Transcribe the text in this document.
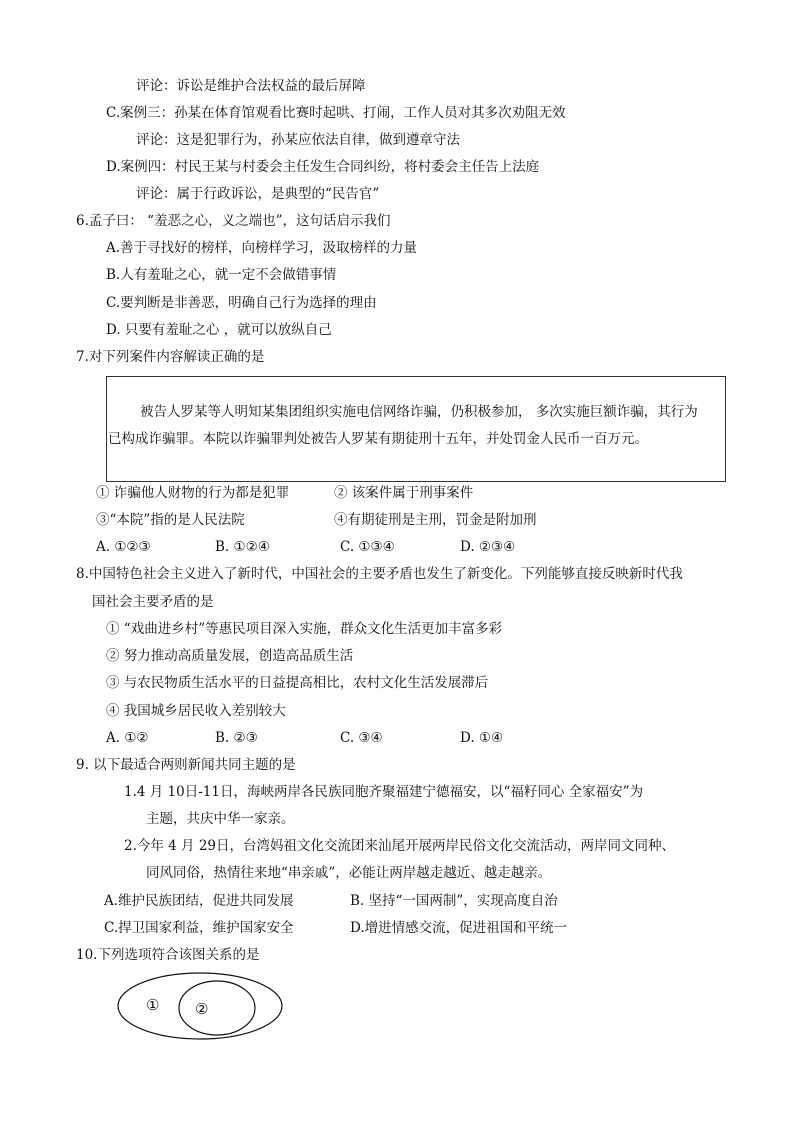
评论：诉讼是维护合法权益的最后屏障
C.案例三：孙某在体育馆观看比赛时起哄、打闹，工作人员对其多次劝阻无效
评论：这是犯罪行为，孙某应依法自律，做到遵章守法
D.案例四：村民王某与村委会主任发生合同纠纷，将村委会主任告上法庭
评论：属于行政诉讼，是典型的“民告官”
6.孟子曰： “羞恶之心，义之端也”，这句话启示我们
A.善于寻找好的榜样，向榜样学习，汲取榜样的力量
B.人有羞耻之心，就一定不会做错事情
C.要判断是非善恶，明确自己行为选择的理由
D. 只要有羞耻之心 ，就可以放纵自己
7.对下列案件内容解读正确的是
被告人罗某等人明知某集团组织实施电信网络诈骗，仍积极参加， 多次实施巨额诈骗，其行为
已构成诈骗罪。本院以诈骗罪判处被告人罗某有期徒刑十五年，并处罚金人民币一百万元。
① 诈骗他人财物的行为都是犯罪	② 该案件属于刑事案件
③“本院”指的是人民法院	④有期徒刑是主刑，罚金是附加刑
A. ①②③	B. ①②④	C. ①③④	D. ②③④
8.中国特色社会主义进入了新时代，中国社会的主要矛盾也发生了新变化。下列能够直接反映新时代我
国社会主要矛盾的是
① “戏曲进乡村”等惠民项目深入实施，群众文化生活更加丰富多彩
② 努力推动高质量发展，创造高品质生活
③ 与农民物质生活水平的日益提高相比，农村文化生活发展滞后
④ 我国城乡居民收入差别较大
A. ①②	B. ②③	C. ③④	D. ①④
9. 以下最适合两则新闻共同主题的是
1.4 月 10日-11日，海峡两岸各民族同胞齐聚福建宁德福安，以“福籽同心 全家福安”为
主题，共庆中华一家亲。
2.今年 4 月 29日，台湾妈祖文化交流团来汕尾开展两岸民俗文化交流活动，两岸同文同种、
同风同俗，热情往来地“串亲戚”，必能让两岸越走越近、越走越亲。
A.维护民族团结，促进共同发展	B. 坚持“一国两制”，实现高度自治
C.捍卫国家利益，维护国家安全	D.增进情感交流，促进祖国和平统一
10.下列选项符合该图关系的是
① ②
